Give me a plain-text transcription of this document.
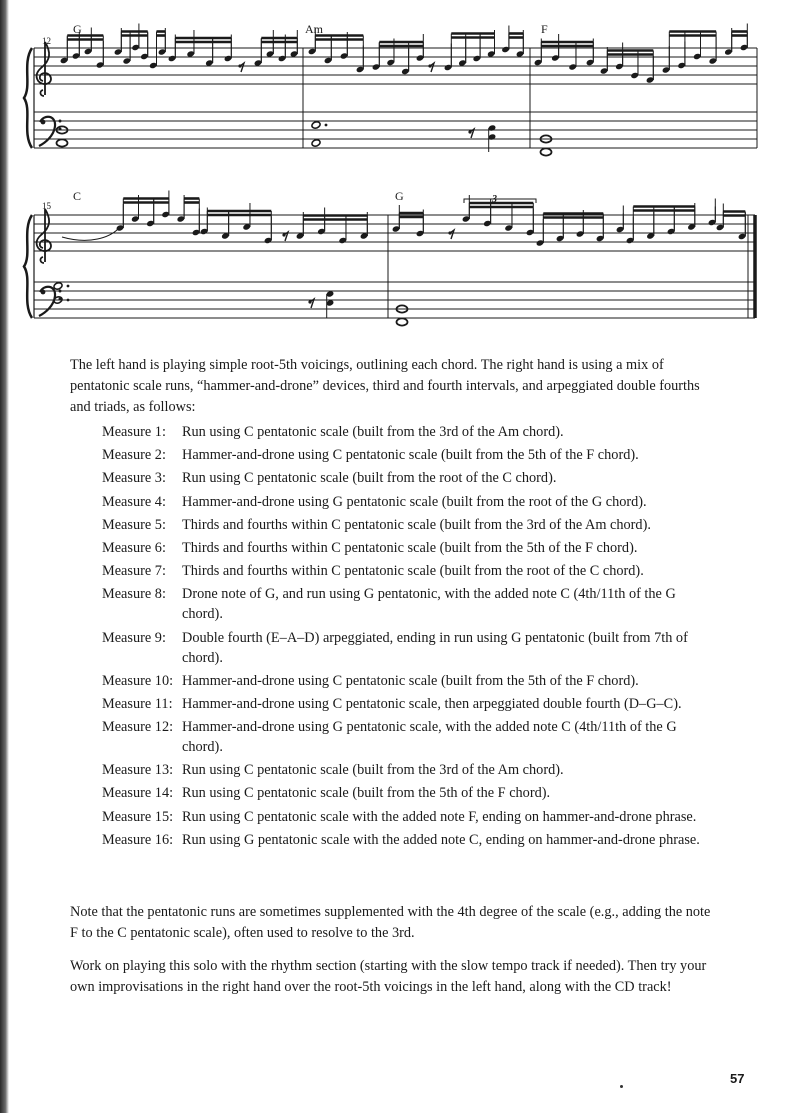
12
G	Am	F
15
C	G	3

The left hand is playing simple root-5th voicings, outlining each chord. The right hand is using a mix of pentatonic scale runs, “hammer-and-drone” devices, third and fourth intervals, and arpeggiated double fourths and triads, as follows:

Measure 1:	Run using C pentatonic scale (built from the 3rd of the Am chord).
Measure 2:	Hammer-and-drone using C pentatonic scale (built from the 5th of the F chord).
Measure 3:	Run using C pentatonic scale (built from the root of the C chord).
Measure 4:	Hammer-and-drone using G pentatonic scale (built from the root of the G chord).
Measure 5:	Thirds and fourths within C pentatonic scale (built from the 3rd of the Am chord).
Measure 6:	Thirds and fourths within C pentatonic scale (built from the 5th of the F chord).
Measure 7:	Thirds and fourths within C pentatonic scale (built from the root of the C chord).
Measure 8:	Drone note of G, and run using G pentatonic, with the added note C (4th/11th of the G chord).
Measure 9:	Double fourth (E–A–D) arpeggiated, ending in run using G pentatonic (built from 7th of chord).
Measure 10: Hammer-and-drone using C pentatonic scale (built from the 5th of the F chord).
Measure 11: Hammer-and-drone using C pentatonic scale, then arpeggiated double fourth (D–G–C).
Measure 12: Hammer-and-drone using G pentatonic scale, with the added note C (4th/11th of the G chord).
Measure 13: Run using C pentatonic scale (built from the 3rd of the Am chord).
Measure 14: Run using C pentatonic scale (built from the 5th of the F chord).
Measure 15: Run using C pentatonic scale with the added note F, ending on hammer-and-drone phrase.
Measure 16: Run using G pentatonic scale with the added note C, ending on hammer-and-drone phrase.

Note that the pentatonic runs are sometimes supplemented with the 4th degree of the scale (e.g., adding the note F to the C pentatonic scale), often used to resolve to the 3rd.

Work on playing this solo with the rhythm section (starting with the slow tempo track if needed). Then try your own improvisations in the right hand over the root-5th voicings in the left hand, along with the CD track!

57
